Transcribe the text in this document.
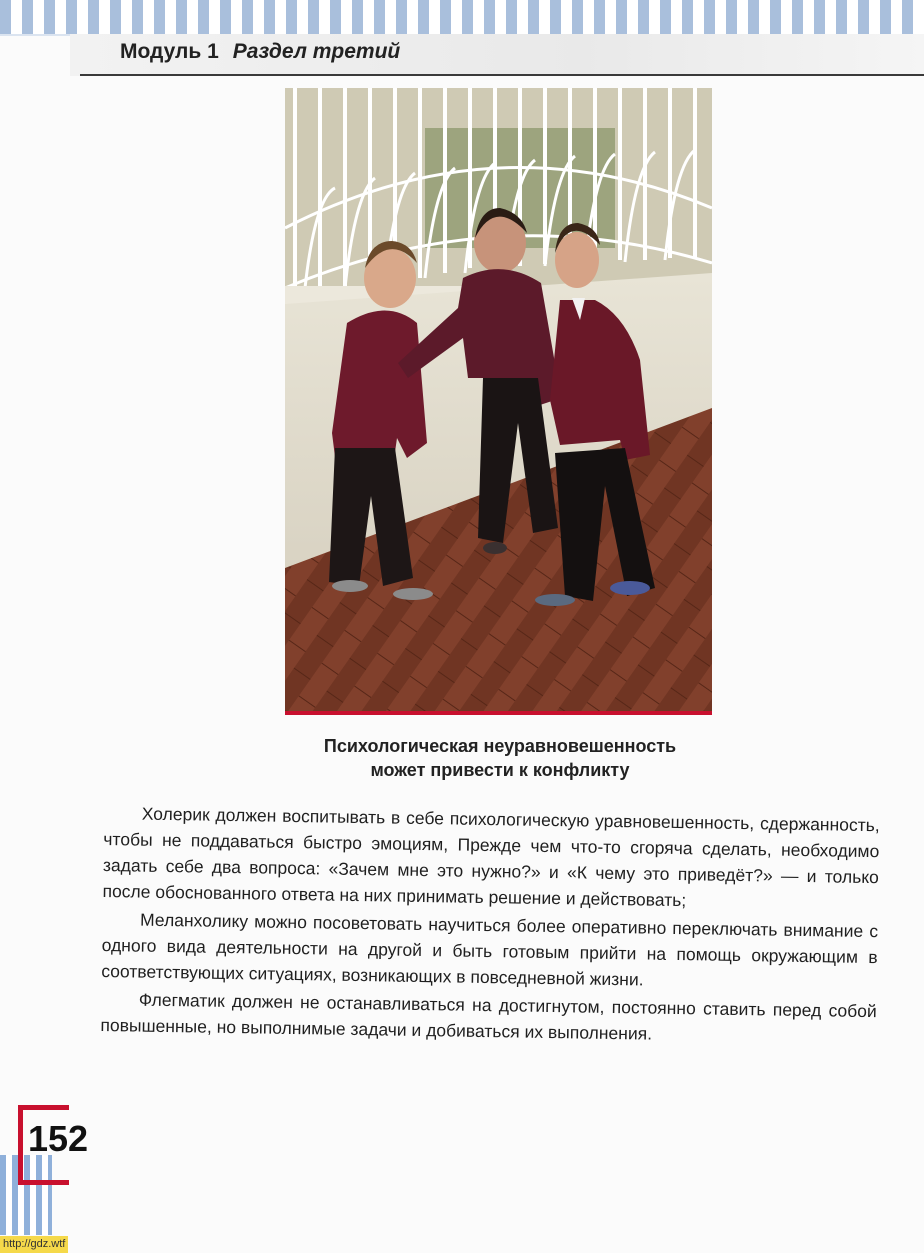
Модуль 1 Раздел третий
Психологическая неуравновешенность
может привести к конфликту

Холерик должен воспитывать в себе психологическую уравновешенность, сдержанность, чтобы не поддаваться быстро эмоциям, Прежде чем что-то сгоряча сделать, необходимо задать себе два вопроса: «Зачем мне это нужно?» и «К чему это приведёт?» — и только после обоснованного ответа на них принимать решение и действовать;

Меланхолику можно посоветовать научиться более оперативно переключать внимание с одного вида деятельности на другой и быть готовым прийти на помощь окружающим в соответствующих ситуациях, возникающих в повседневной жизни.

Флегматик должен не останавливаться на достигнутом, постоянно ставить перед собой повышенные, но выполнимые задачи и добиваться их выполнения.

152
http://gdz.wtf
